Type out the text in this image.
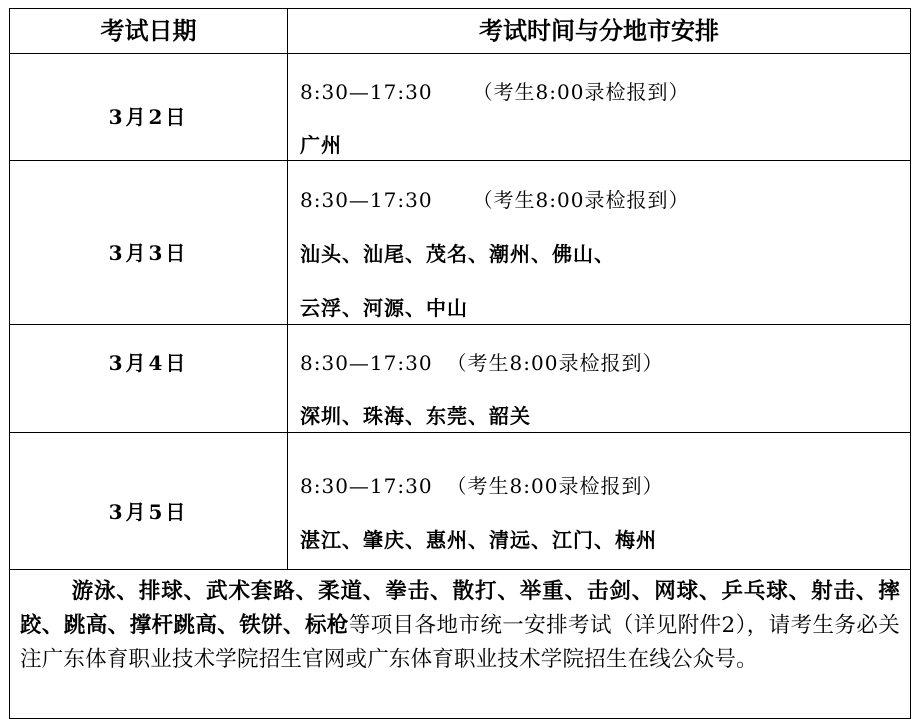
考试日期	考试时间与分地市安排
3月2日
8:30—17:30 （考生8:00录检报到）
广州
3月3日
8:30—17:30 （考生8:00录检报到）
汕头、汕尾、茂名、潮州、佛山、
云浮、河源、中山
3月4日	8:30—17:30 （考生8:00录检报到）
深圳、珠海、东莞、韶关
3月5日
8:30—17:30 （考生8:00录检报到）
湛江、肇庆、惠州、清远、江门、梅州
游泳、排球、武术套路、柔道、拳击、散打、举重、击剑、网球、乒乓球、射击、摔跤、跳高、撑杆跳高、铁饼、标枪等项目各地市统一安排考试（详见附件2），请考生务必关注广东体育职业技术学院招生官网或广东体育职业技术学院招生在线公众号。
